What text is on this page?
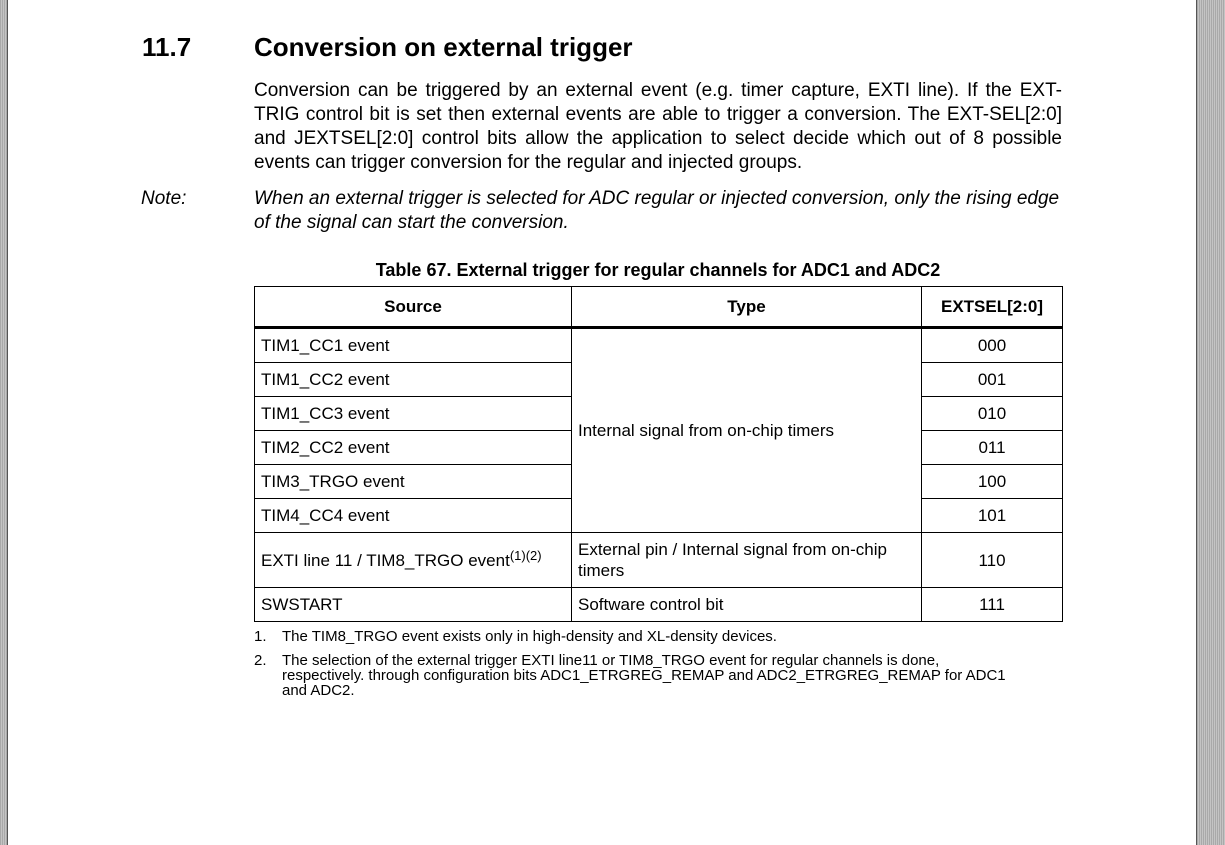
11.7 Conversion on external trigger

Conversion can be triggered by an external event (e.g. timer capture, EXTI line). If the EXT-TRIG control bit is set then external events are able to trigger a conversion. The EXT-SEL[2:0] and JEXTSEL[2:0] control bits allow the application to select decide which out of 8 possible events can trigger conversion for the regular and injected groups.

Note:	When an external trigger is selected for ADC regular or injected conversion, only the rising edge of the signal can start the conversion.

Table 67. External trigger for regular channels for ADC1 and ADC2
Source	Type	EXTSEL[2:0]
TIM1_CC1 event	Internal signal from on-chip timers	000
TIM1_CC2 event		001
TIM1_CC3 event		010
TIM2_CC2 event		011
TIM3_TRGO event		100
TIM4_CC4 event		101
EXTI line 11 / TIM8_TRGO event$^{(1)(2)}$	External pin / Internal signal from on-chip timers	110
SWSTART	Software control bit	111
1. The TIM8_TRGO event exists only in high-density and XL-density devices.
2. The selection of the external trigger EXTI line11 or TIM8_TRGO event for regular channels is done, respectively. through configuration bits ADC1_ETRGREG_REMAP and ADC2_ETRGREG_REMAP for ADC1 and ADC2.
